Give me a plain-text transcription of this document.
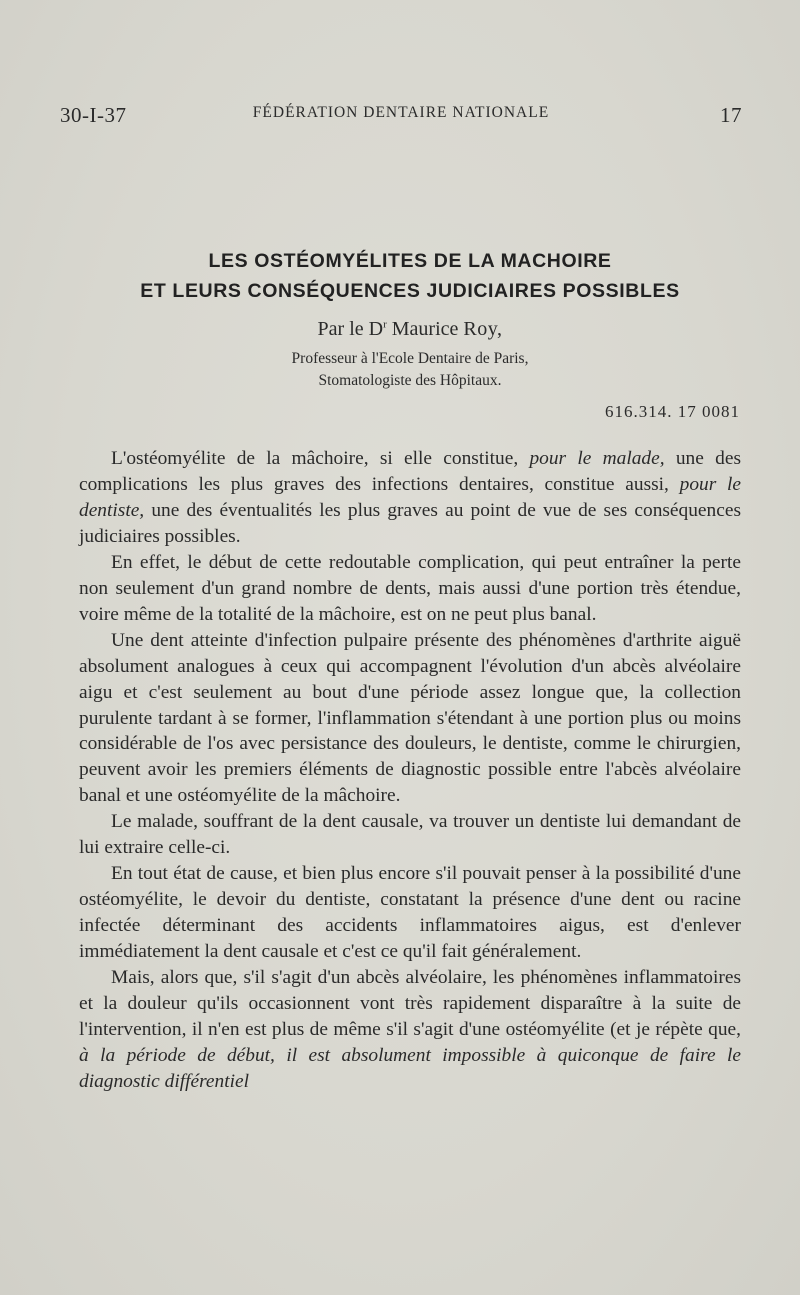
30-I-37	FÉDÉRATION DENTAIRE NATIONALE	17
LES OSTÉOMYÉLITES DE LA MACHOIRE
ET LEURS CONSÉQUENCES JUDICIAIRES POSSIBLES
Par le $D^r$ Maurice Roy,
Professeur à l'Ecole Dentaire de Paris,
Stomatologiste des Hôpitaux.
616.314. 17 0081

L'ostéomyélite de la mâchoire, si elle constitue, pour le malade, une des complications les plus graves des infections dentaires, constitue aussi, pour le dentiste, une des éventualités les plus graves au point de vue de ses conséquences judiciaires possibles.

En effet, le début de cette redoutable complication, qui peut entraîner la perte non seulement d'un grand nombre de dents, mais aussi d'une portion très étendue, voire même de la totalité de la mâchoire, est on ne peut plus banal.

Une dent atteinte d'infection pulpaire présente des phénomènes d'arthrite aiguë absolument analogues à ceux qui accompagnent l'évolution d'un abcès alvéolaire aigu et c'est seulement au bout d'une période assez longue que, la collection purulente tardant à se former, l'inflammation s'étendant à une portion plus ou moins considérable de l'os avec persistance des douleurs, le dentiste, comme le chirurgien, peuvent avoir les premiers éléments de diagnostic possible entre l'abcès alvéolaire banal et une ostéomyélite de la mâchoire.

Le malade, souffrant de la dent causale, va trouver un dentiste lui demandant de lui extraire celle-ci.

En tout état de cause, et bien plus encore s'il pouvait penser à la possibilité d'une ostéomyélite, le devoir du dentiste, constatant la présence d'une dent ou racine infectée déterminant des accidents inflammatoires aigus, est d'enlever immédiatement la dent causale et c'est ce qu'il fait généralement.

Mais, alors que, s'il s'agit d'un abcès alvéolaire, les phénomènes inflammatoires et la douleur qu'ils occasionnent vont très rapidement disparaître à la suite de l'intervention, il n'en est plus de même s'il s'agit d'une ostéomyélite (et je répète que, à la période de début, il est absolument impossible à quiconque de faire le diagnostic différentiel
